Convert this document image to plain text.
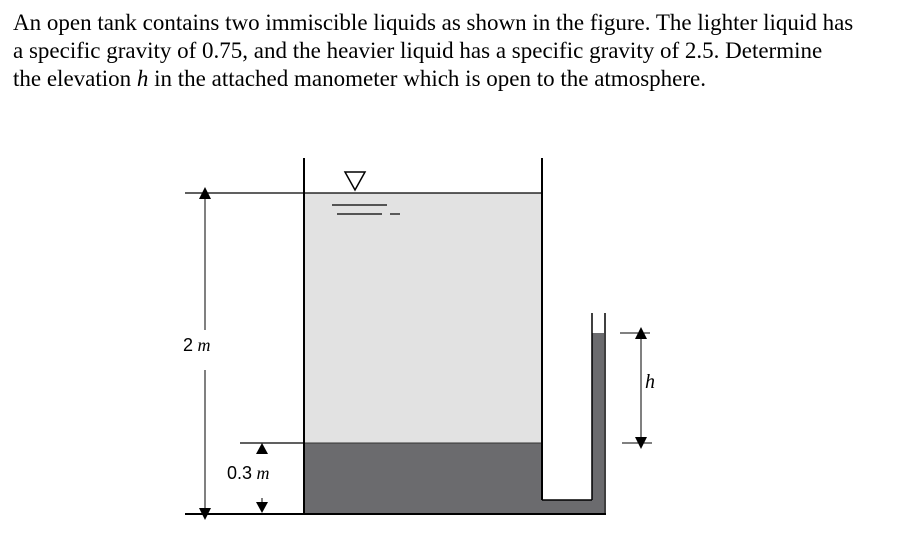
An open tank contains two immiscible liquids as shown in the figure. The lighter liquid has
a specific gravity of 0.75, and the heavier liquid has a specific gravity of 2.5. Determine
the elevation h in the attached manometer which is open to the atmosphere.
2 m
0.3 m
h
